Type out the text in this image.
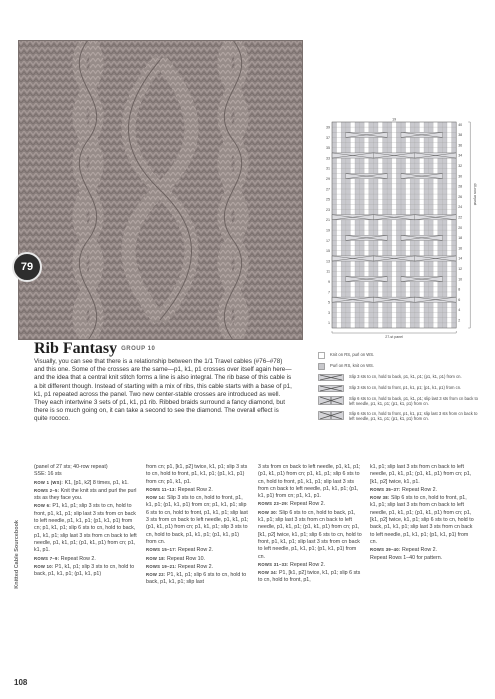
79
39
37
35
33
31
29
27
25
23
21
19
17
15
13
11
9
7
5
3
1
40
38
36
34
32
30
28
26
24
22
20
18
16
14
12
10
8
6
4
2
19
27-st panel
40-row repeat
Rib Fantasy GROUP 10
Visually, you can see that there is a relationship between the 1/1 Travel cables (#76–#78) and this one. Some of the crosses are the same—p1, k1, p1 crosses over itself again here—and the idea that a central knit stitch forms a line is also integral. The rib base of this cable is a bit different though. Instead of starting with a mix of ribs, this cable starts with a base of p1, k1, p1 repeated across the panel. Two new center-stable crosses are introduced as well. They each intertwine 3 sets of p1, k1, p1 rib. Ribbed braids surround a fancy diamond, but there is so much going on, it can take a second to see the diamond. The overall effect is quite rococo.
Knit on RS, purl on WS.
Purl on RS, knit on WS.
Slip 3 sts to cn, hold to back, p1, k1, p1; (p1, k1, p1) from cn.
Slip 3 sts to cn, hold to front, p1, k1, p1; (p1, k1, p1) from cn.
Slip 6 sts to cn, hold to back, p1, k1, p1; slip last 3 sts from cn back to left needle, p1, k1, p1; (p1, k1, p1) from cn.
Slip 6 sts to cn, hold to front, p1, k1, p1; slip last 3 sts from cn back to left needle, p1, k1, p1; (p1, k1, p1) from cn.

(panel of 27 sts; 40-row repeat)

SSE: 16 sts

ROW 1 (WS): K1, [p1, k2] 8 times, p1, k1.

ROWS 2–5: Knit the knit sts and purl the purl sts as they face you.

ROW 6: P1, k1, p1; slip 3 sts to cn, hold to front, p1, k1, p1; slip last 3 sts from cn back to left needle, p1, k1, p1; (p1, k1, p1) from cn; p1, k1, p1; slip 6 sts to cn, hold to back, p1, k1, p1; slip last 3 sts from cn back to left needle, p1, k1, p1; (p1, k1, p1) from cn; p1, k1, p1.

ROWS 7–9: Repeat Row 2.

ROW 10: P1, k1, p1; slip 3 sts to cn, hold to back, p1, k1, p1; (p1, k1, p1)

from cn; p1, [k1, p2] twice, k1, p1; slip 3 sts to cn, hold to front, p1, k1, p1; (p1, k1, p1) from cn; p1, k1, p1.

ROWS 11–13: Repeat Row 2.

ROW 14: Slip 3 sts to cn, hold to front, p1, k1, p1; (p1, k1, p1) from cn; p1, k1, p1; slip 6 sts to cn, hold to front, p1, k1, p1; slip last 3 sts from cn back to left needle, p1, k1, p1; (p1, k1, p1) from cn; p1, k1, p1; slip 3 sts to cn, hold to back, p1, k1, p1; (p1, k1, p1) from cn.

ROWS 15–17: Repeat Row 2.

ROW 18: Repeat Row 10.

ROWS 19–21: Repeat Row 2.

ROW 22: P1, k1, p1; slip 6 sts to cn, hold to back, p1, k1, p1; slip last

3 sts from cn back to left needle, p1, k1, p1; (p1, k1, p1) from cn; p1, k1, p1; slip 6 sts to cn, hold to front, p1, k1, p1; slip last 3 sts from cn back to left needle, p1, k1, p1; (p1, k1, p1) from cn; p1, k1, p1.

ROWS 23–29: Repeat Row 2.

ROW 30: Slip 6 sts to cn, hold to back, p1, k1, p1; slip last 3 sts from cn back to left needle, p1, k1, p1; (p1, k1, p1) from cn; p1, [k1, p2] twice, k1, p1; slip 6 sts to cn, hold to front, p1, k1, p1; slip last 3 sts from cn back to left needle, p1, k1, p1; (p1, k1, p1) from cn.

ROWS 31–33: Repeat Row 2.

ROW 34: P1, [k1, p2] twice, k1, p1; slip 6 sts to cn, hold to front, p1,

k1, p1; slip last 3 sts from cn back to left needle, p1, k1, p1; (p1, k1, p1) from cn; p1, [k1, p2] twice, k1, p1.

ROWS 35–37: Repeat Row 2.

ROW 38: Slip 6 sts to cn, hold to front, p1, k1, p1; slip last 3 sts from cn back to left needle, p1, k1, p1; (p1, k1, p1) from cn; p1, [k1, p2] twice, k1, p1; slip 6 sts to cn, hold to back, p1, k1, p1; slip last 3 sts from cn back to left needle, p1, k1, p1; (p1, k1, p1) from cn.

ROWS 39–40: Repeat Row 2.

Repeat Rows 1–40 for pattern.

Knitted Cable Sourcebook
108
